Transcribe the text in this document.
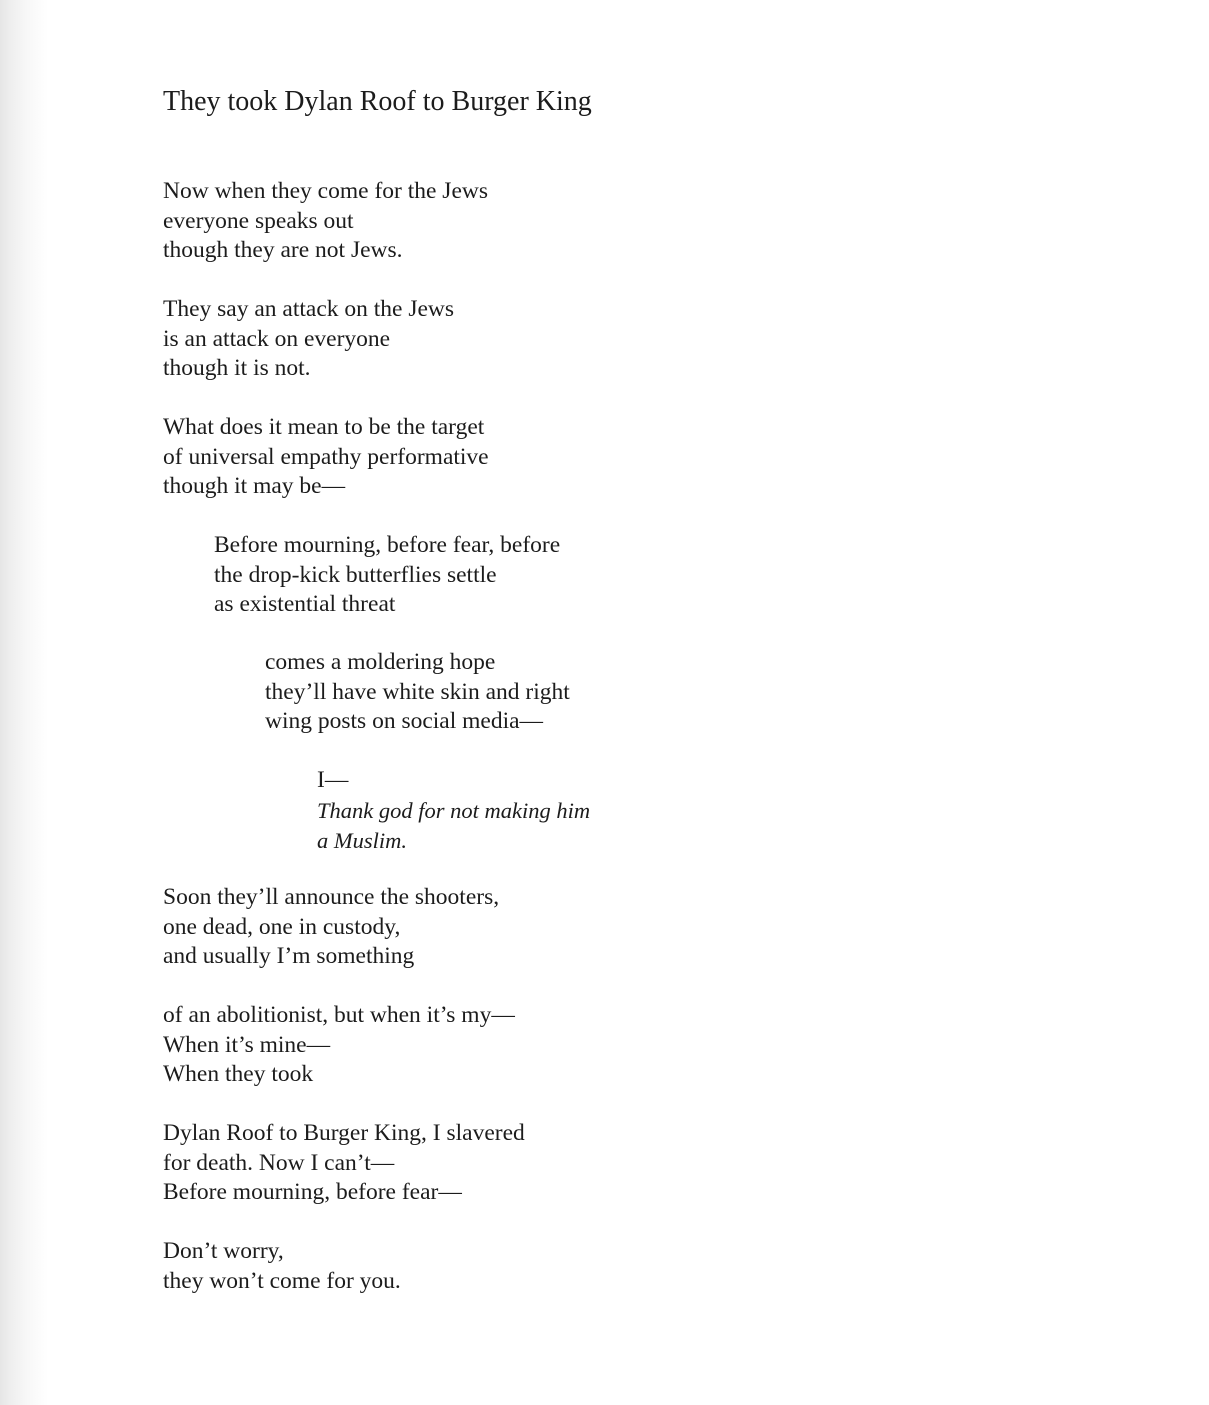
They took Dylan Roof to Burger King
Now when they come for the Jews
everyone speaks out
though they are not Jews.
They say an attack on the Jews
is an attack on everyone
though it is not.
What does it mean to be the target
of universal empathy performative
though it may be—
Before mourning, before fear, before
the drop-kick butterflies settle
as existential threat
comes a moldering hope
they’ll have white skin and right
wing posts on social media—
I—
Thank god for not making him
a Muslim.
Soon they’ll announce the shooters,
one dead, one in custody,
and usually I’m something
of an abolitionist, but when it’s my—
When it’s mine—
When they took
Dylan Roof to Burger King, I slavered
for death. Now I can’t—
Before mourning, before fear—
Don’t worry,
they won’t come for you.
